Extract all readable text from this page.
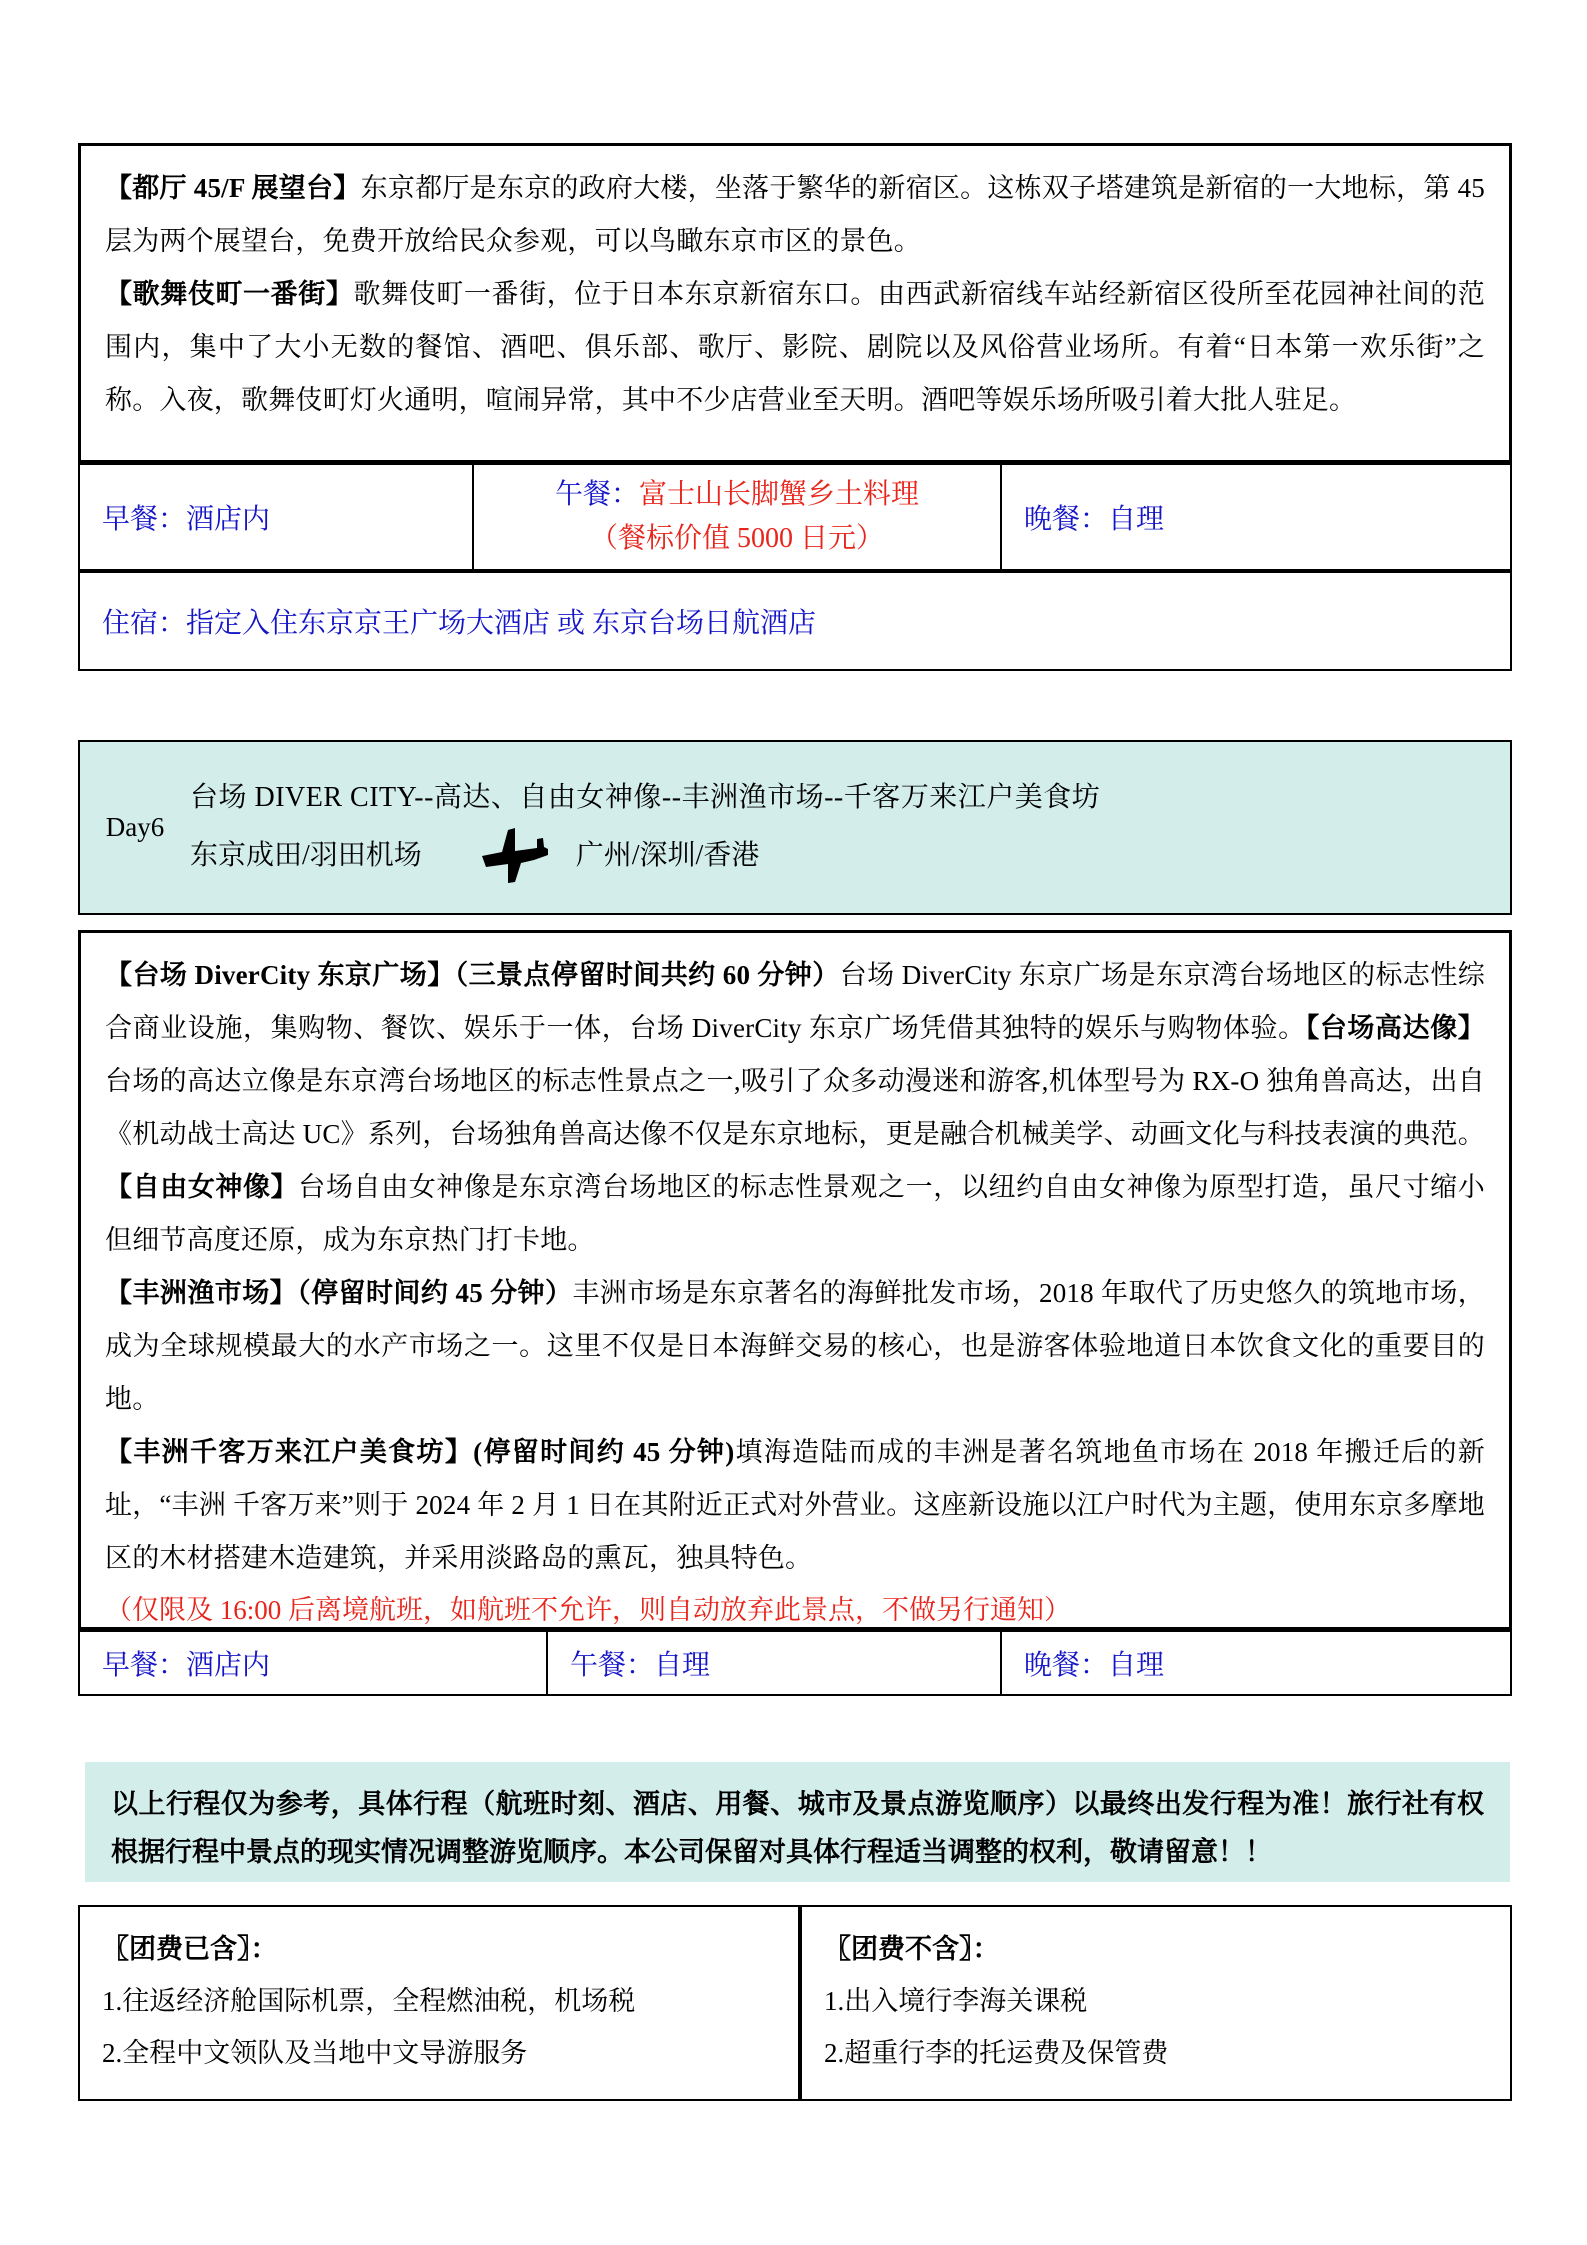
【都厅 45/F 展望台】东京都厅是东京的政府大楼，坐落于繁华的新宿区。这栋双子塔建筑是新宿的一大地标，第 45 层为两个展望台，免费开放给民众参观，可以鸟瞰东京市区的景色。

【歌舞伎町一番街】歌舞伎町一番街，位于日本东京新宿东口。由西武新宿线车站经新宿区役所至花园神社间的范围内，集中了大小无数的餐馆、酒吧、俱乐部、歌厅、影院、剧院以及风俗营业场所。有着“日本第一欢乐街”之称。入夜，歌舞伎町灯火通明，喧闹异常，其中不少店营业至天明。酒吧等娱乐场所吸引着大批人驻足。

早餐： 酒店内
午餐：富士山长脚蟹乡土料理
（餐标价值 5000 日元）
晚餐： 自理
住宿： 指定入住东京京王广场大酒店 或 东京台场日航酒店
Day6
台场 DIVER CITY--高达、自由女神像--丰洲渔市场--千客万来江户美食坊
东京成田/羽田机场	广州/深圳/香港

【台场 DiverCity 东京广场】（三景点停留时间共约 60 分钟）台场 DiverCity 东京广场是东京湾台场地区的标志性综合商业设施，集购物、餐饮、娱乐于一体，台场 DiverCity 东京广场凭借其独特的娱乐与购物体验。【台场高达像】台场的高达立像是东京湾台场地区的标志性景点之一,吸引了众多动漫迷和游客,机体型号为 RX-O 独角兽高达，出自《机动战士高达 UC》系列，台场独角兽高达像不仅是东京地标，更是融合机械美学、动画文化与科技表演的典范。【自由女神像】台场自由女神像是东京湾台场地区的标志性景观之一，以纽约自由女神像为原型打造，虽尺寸缩小但细节高度还原，成为东京热门打卡地。

【丰洲渔市场】（停留时间约 45 分钟）丰洲市场是东京著名的海鲜批发市场，2018 年取代了历史悠久的筑地市场，成为全球规模最大的水产市场之一。这里不仅是日本海鲜交易的核心，也是游客体验地道日本饮食文化的重要目的地。

【丰洲千客万来江户美食坊】(停留时间约 45 分钟)填海造陆而成的丰洲是著名筑地鱼市场在 2018 年搬迁后的新址，“丰洲 千客万来”则于 2024 年 2 月 1 日在其附近正式对外营业。这座新设施以江户时代为主题，使用东京多摩地区的木材搭建木造建筑，并采用淡路岛的熏瓦，独具特色。

（仅限及 16:00 后离境航班，如航班不允许，则自动放弃此景点，不做另行通知）

早餐： 酒店内	午餐： 自理	晚餐： 自理

以上行程仅为参考，具体行程（航班时刻、酒店、用餐、城市及景点游览顺序）以最终出发行程为准！旅行社有权根据行程中景点的现实情况调整游览顺序。本公司保留对具体行程适当调整的权利，敬请留意！！

〖团费已含〗：

1.往返经济舱国际机票，全程燃油税，机场税

2.全程中文领队及当地中文导游服务

〖团费不含〗：

1.出入境行李海关课税

2.超重行李的托运费及保管费
